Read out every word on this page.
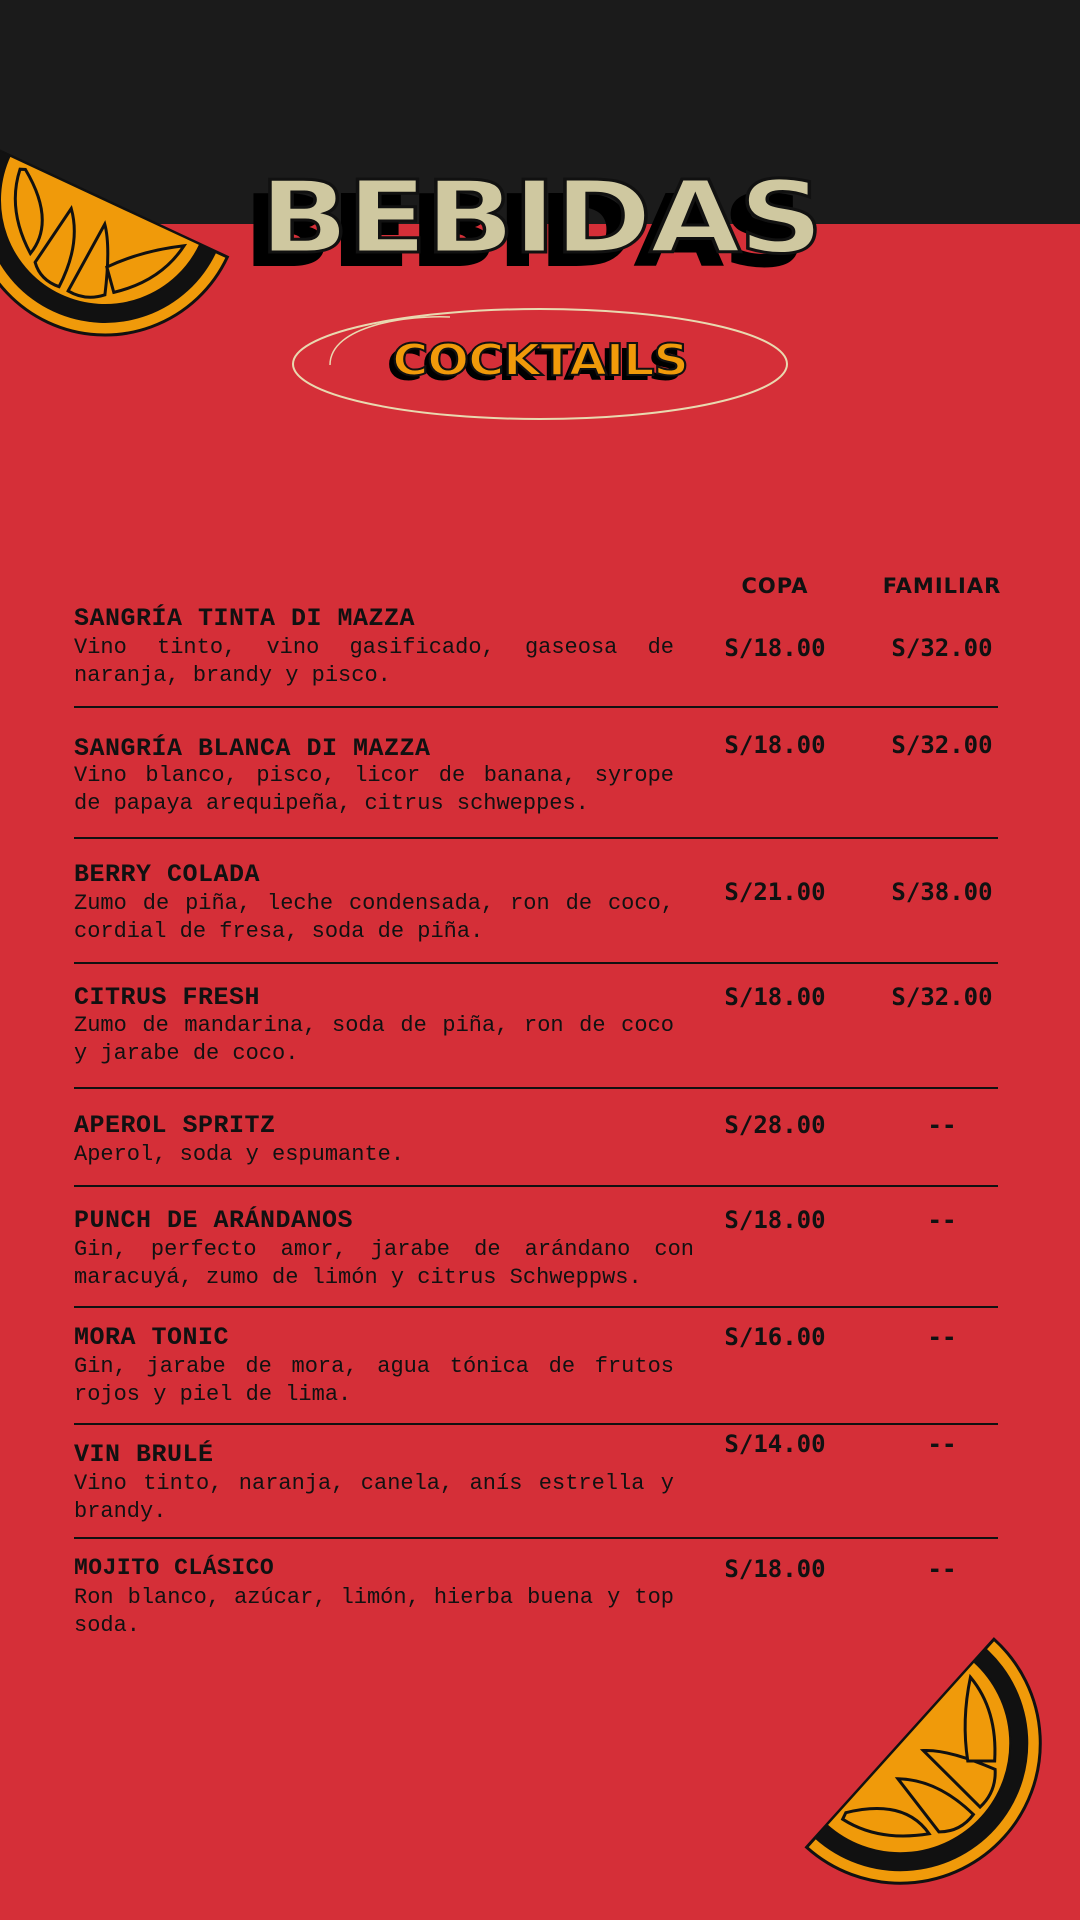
BEBIDAS
COCKTAILS
COPA	FAMILIAR
SANGRÍA TINTA DI MAZZA
Vino tinto, vino gasificado, gaseosa de naranja, brandy y pisco.
S/18.00	S/32.00
SANGRÍA BLANCA DI MAZZA
Vino blanco, pisco, licor de banana, syrope de papaya arequipeña, citrus schweppes.
S/18.00	S/32.00
BERRY COLADA
Zumo de piña, leche condensada, ron de coco, cordial de fresa, soda de piña.
S/21.00	S/38.00
CITRUS FRESH
Zumo de mandarina, soda de piña, ron de coco y jarabe de coco.
S/18.00	S/32.00
APEROL SPRITZ
Aperol, soda y espumante.
S/28.00	--
PUNCH DE ARÁNDANOS
Gin, perfecto amor, jarabe de arándano con maracuyá, zumo de limón y citrus Schweppws.
S/18.00	--
MORA TONIC
Gin, jarabe de mora, agua tónica de frutos rojos y piel de lima.
S/16.00	--
VIN BRULÉ
Vino tinto, naranja, canela, anís estrella y brandy.
S/14.00	--
MOJITO CLÁSICO
Ron blanco, azúcar, limón, hierba buena y top soda.
S/18.00	--
